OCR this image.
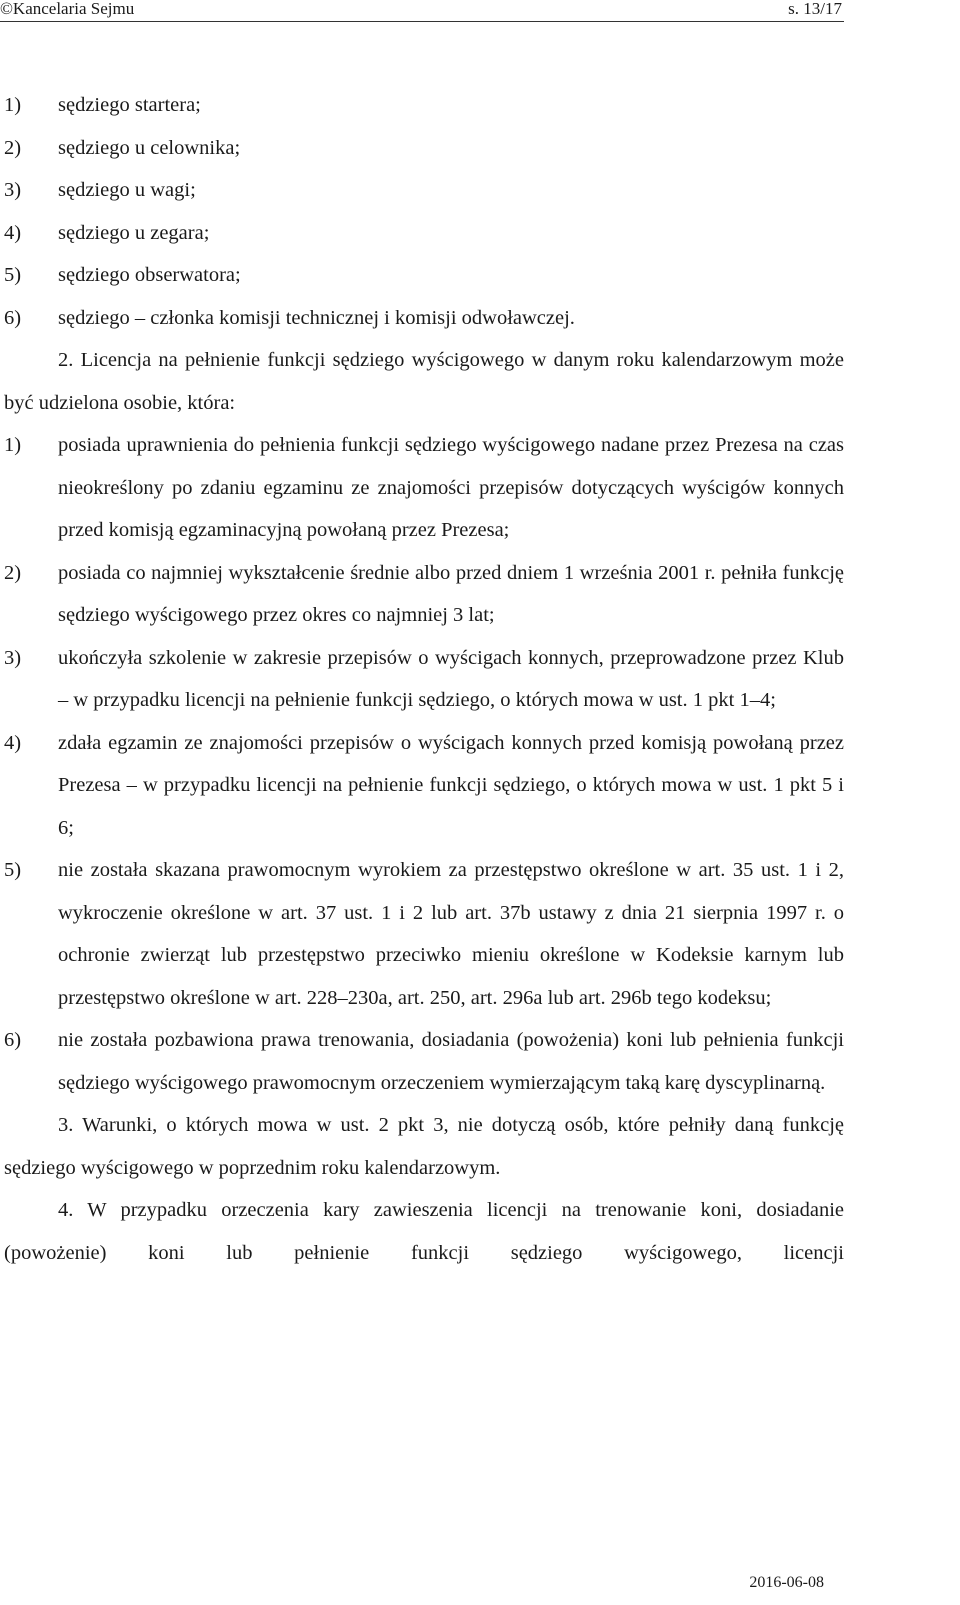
©Kancelaria Sejmu	s. 13/17
1)	sędziego startera;
2)	sędziego u celownika;
3)	sędziego u wagi;
4)	sędziego u zegara;
5)	sędziego obserwatora;
6)	sędziego – członka komisji technicznej i komisji odwoławczej.

2. Licencja na pełnienie funkcji sędziego wyścigowego w danym roku kalendarzowym może być udzielona osobie, która:

1)	posiada uprawnienia do pełnienia funkcji sędziego wyścigowego nadane przez Prezesa na czas nieokreślony po zdaniu egzaminu ze znajomości przepisów dotyczących wyścigów konnych przed komisją egzaminacyjną powołaną przez Prezesa;
2)	posiada co najmniej wykształcenie średnie albo przed dniem 1 września 2001 r. pełniła funkcję sędziego wyścigowego przez okres co najmniej 3 lat;
3)	ukończyła szkolenie w zakresie przepisów o wyścigach konnych, przeprowadzone przez Klub – w przypadku licencji na pełnienie funkcji sędziego, o których mowa w ust. 1 pkt 1–4;
4)	zdała egzamin ze znajomości przepisów o wyścigach konnych przed komisją powołaną przez Prezesa – w przypadku licencji na pełnienie funkcji sędziego, o których mowa w ust. 1 pkt 5 i 6;
5)	nie została skazana prawomocnym wyrokiem za przestępstwo określone w art. 35 ust. 1 i 2, wykroczenie określone w art. 37 ust. 1 i 2 lub art. 37b ustawy z dnia 21 sierpnia 1997 r. o ochronie zwierząt lub przestępstwo przeciwko mieniu określone w Kodeksie karnym lub przestępstwo określone w art. 228–230a, art. 250, art. 296a lub art. 296b tego kodeksu;
6)	nie została pozbawiona prawa trenowania, dosiadania (powożenia) koni lub pełnienia funkcji sędziego wyścigowego prawomocnym orzeczeniem wymierzającym taką karę dyscyplinarną.

3. Warunki, o których mowa w ust. 2 pkt 3, nie dotyczą osób, które pełniły daną funkcję sędziego wyścigowego w poprzednim roku kalendarzowym.

4. W przypadku orzeczenia kary zawieszenia licencji na trenowanie koni, dosiadanie (powożenie) koni lub pełnienie funkcji sędziego wyścigowego, licencji

2016-06-08
